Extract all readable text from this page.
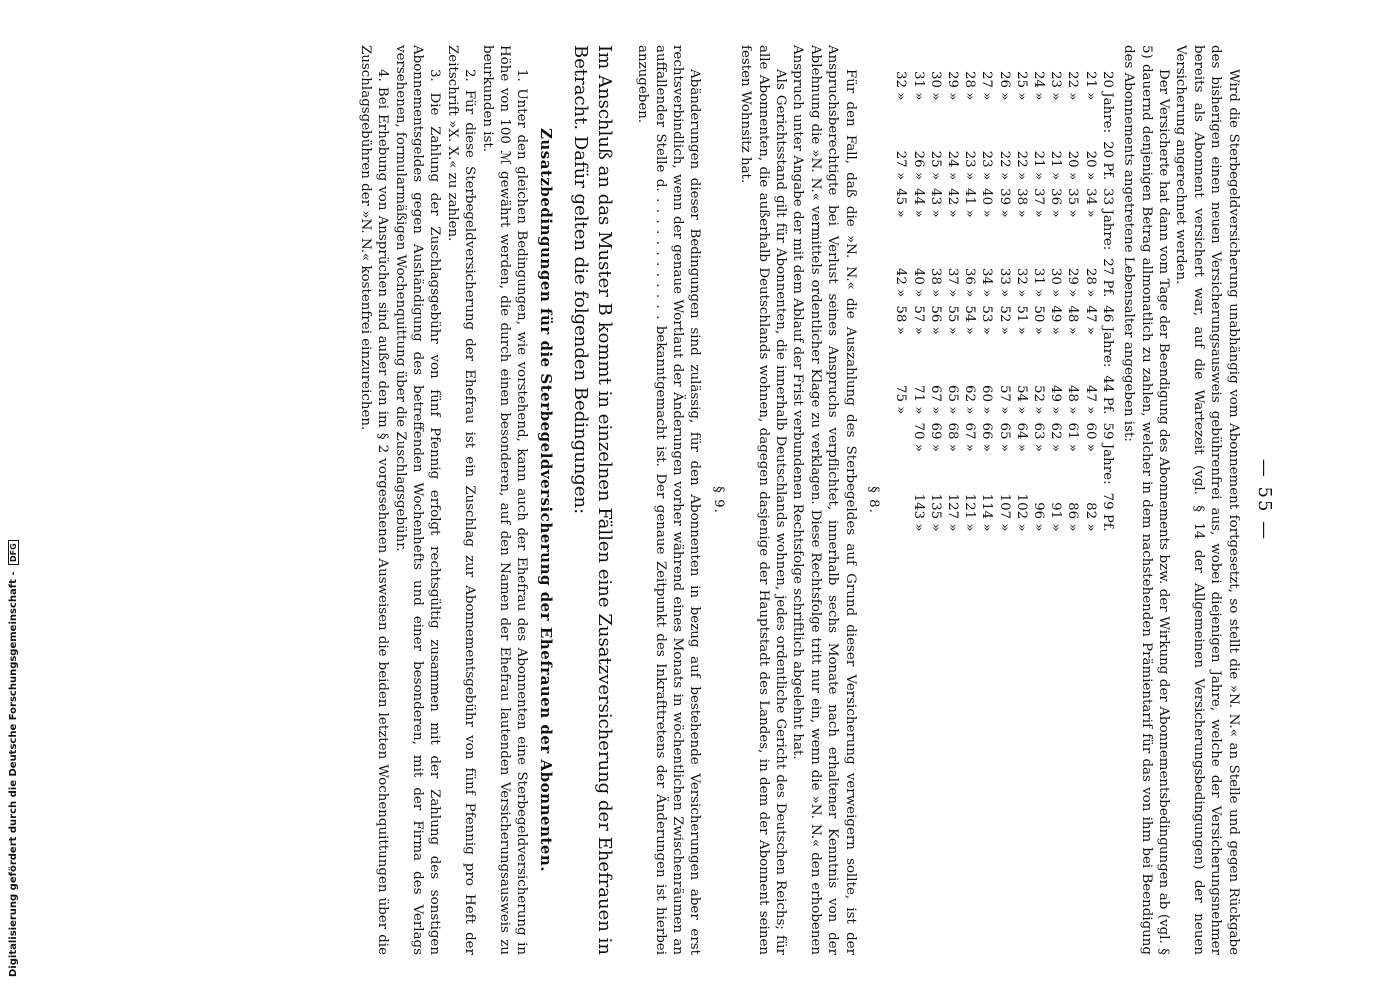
— 55 —

Wird die Sterbegeldversicherung unabhängig vom Abonnement fortgesetzt, so stellt die »N. N.« an Stelle und gegen Rückgabe des bisherigen einen neuen Versicherungsausweis gebührenfrei aus, wobei diejenigen Jahre, welche der Versicherungsnehmer bereits als Abonnent versichert war, auf die Wartezeit (vgl. § 14 der Allgemeinen Versicherungsbedingungen) der neuen Versicherung angerechnet werden.

Der Versicherte hat dann vom Tage der Beendigung des Abonnements bzw. der Wirkung der Abonnementsbedingungen ab (vgl. § 5) dauernd denjenigen Betrag allmonatlich zu zahlen, welcher in dem nachstehenden Prämientarif für das von ihm bei Beendigung des Abonnements angetretene Lebensalter angegeben ist:

20 Jahre:	20 Pf.	33 Jahre:	27 Pf.	46 Jahre:	44 Pf.	59 Jahre:	79 Pf.
21 »	20 »	34 »	28 »	47 »	47 »	60 »	82 »
22 »	20 »	35 »	29 »	48 »	48 »	61 »	86 »
23 »	21 »	36 »	30 »	49 »	49 »	62 »	91 »
24 »	21 »	37 »	31 »	50 »	52 »	63 »	96 »
25 »	22 »	38 »	32 »	51 »	54 »	64 »	102 »
26 »	22 »	39 »	33 »	52 »	57 »	65 »	107 »
27 »	23 »	40 »	34 »	53 »	60 »	66 »	114 »
28 »	23 »	41 »	36 »	54 »	62 »	67 »	121 »
29 »	24 »	42 »	37 »	55 »	65 »	68 »	127 »
30 »	25 »	43 »	38 »	56 »	67 »	69 »	135 »
31 »	26 »	44 »	40 »	57 »	71 »	70 »	143 »
32 »	27 »	45 »	42 »	58 »	75 »		
§ 8.

Für den Fall, daß die »N. N.« die Auszahlung des Sterbegeldes auf Grund dieser Versicherung verweigern sollte, ist der Anspruchsberechtigte bei Verlust seines Anspruchs verpflichtet, innerhalb sechs Monate nach erhaltener Kenntnis von der Ablehnung die »N. N.« vermittels ordentlicher Klage zu verklagen. Diese Rechtsfolge tritt nur ein, wenn die »N. N.« den erhobenen Anspruch unter Angabe der mit dem Ablauf der Frist verbundenen Rechtsfolge schriftlich abgelehnt hat.

Als Gerichtsstand gilt für Abonnenten, die innerhalb Deutschlands wohnen, jedes ordentliche Gericht des Deutschen Reichs; für alle Abonnenten, die außerhalb Deutschlands wohnen, dagegen dasjenige der Hauptstadt des Landes, in dem der Abonnent seinen festen Wohnsitz hat.

§ 9.

Abänderungen dieser Bedingungen sind zulässig, für den Abonnenten in bezug auf bestehende Versicherungen aber erst rechtsverbindlich, wenn der genaue Wortlaut der Änderungen vorher während eines Monats in wöchentlichen Zwischenräumen an auffallender Stelle d. . . . . . . . . . . . . bekanntgemacht ist. Der genaue Zeitpunkt des Inkrafttretens der Änderungen ist hierbei anzugeben.

Im Anschluß an das Muster B kommt in einzelnen Fällen eine Zusatzversicherung der Ehefrauen in Betracht. Dafür gelten die folgenden Bedingungen:
Zusatzbedingungen für die Sterbegeldversicherung der Ehefrauen der Abonnenten.

1. Unter den gleichen Bedingungen, wie vorstehend, kann auch der Ehefrau des Abonnenten eine Sterbegeldversicherung in Höhe von 100 ℳ gewährt werden, die durch einen besonderen, auf den Namen der Ehefrau lautenden Versicherungsausweis zu beurkunden ist.

2. Für diese Sterbegeldversicherung der Ehefrau ist ein Zuschlag zur Abonnementsgebühr von fünf Pfennig pro Heft der Zeitschrift »X. X.« zu zahlen.

3. Die Zahlung der Zuschlagsgebühr von fünf Pfennig erfolgt rechtsgültig zusammen mit der Zahlung des sonstigen Abonnementsgeldes gegen Aushändigung des betreffenden Wochenhefts und einer besonderen, mit der Firma des Verlags versehenen, formularmäßigen Wochenquittung über die Zuschlagsgebühr.

4. Bei Erhebung von Ansprüchen sind außer den im § 2 vorgesehenen Ausweisen die beiden letzten Wochenquittungen über die Zuschlagsgebühren der »N. N.« kostenfrei einzureichen.

Digitalisierung gefördert durch die Deutsche Forschungsgemeinschaft - DFG
